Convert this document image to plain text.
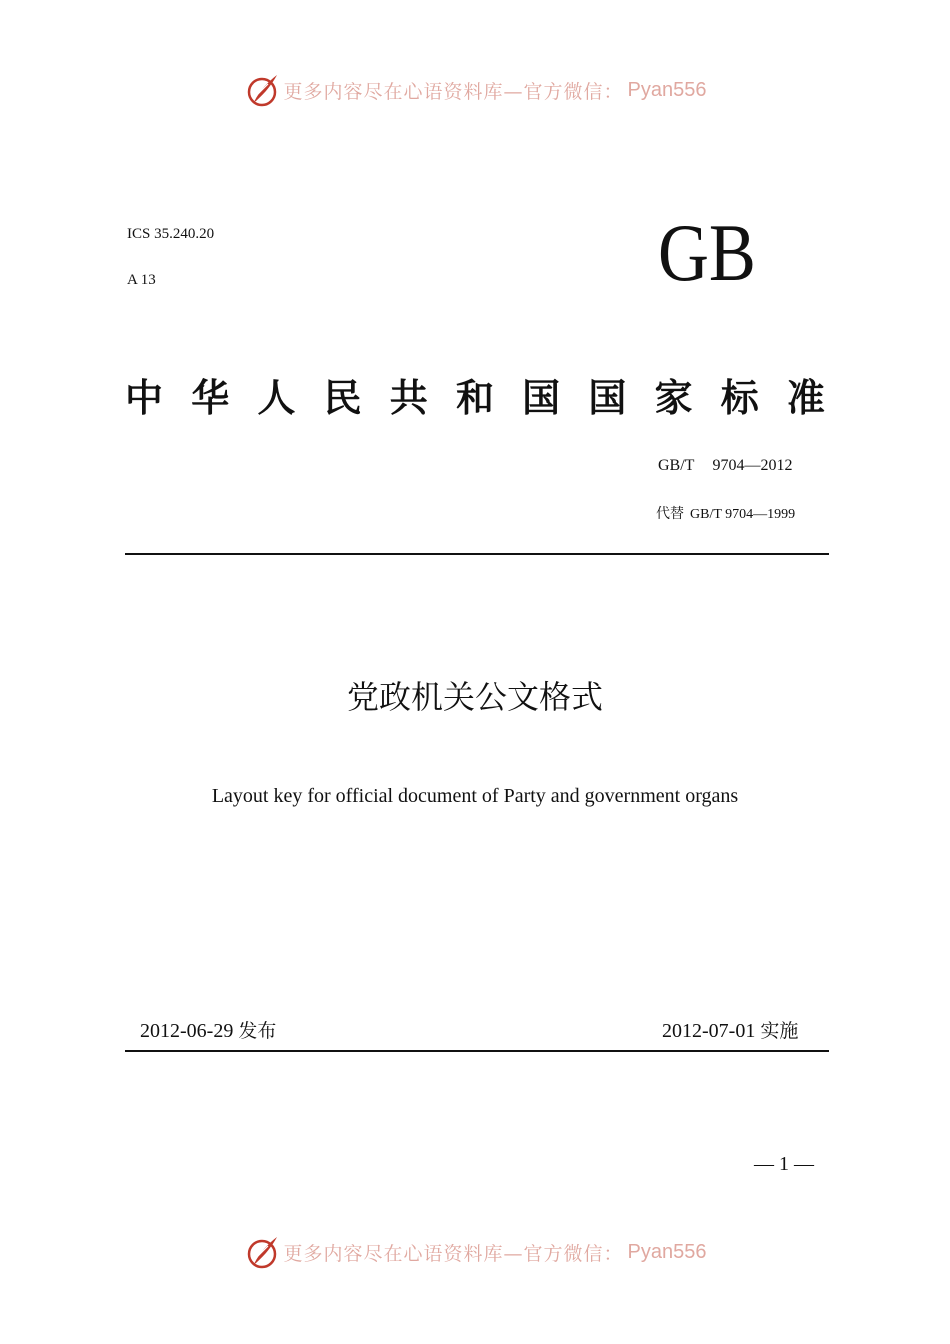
更多内容尽在心语资料库—官方微信： Pyan556
ICS 35.240.20
A 13	GB
中 华 人 民 共 和 国 国 家 标 准
GB/T 9704—2012
代替 GB/T 9704—1999
党政机关公文格式
Layout key for official document of Party and government organs
2012-06-29 发布	2012-07-01 实施
— 1 —
更多内容尽在心语资料库—官方微信： Pyan556
